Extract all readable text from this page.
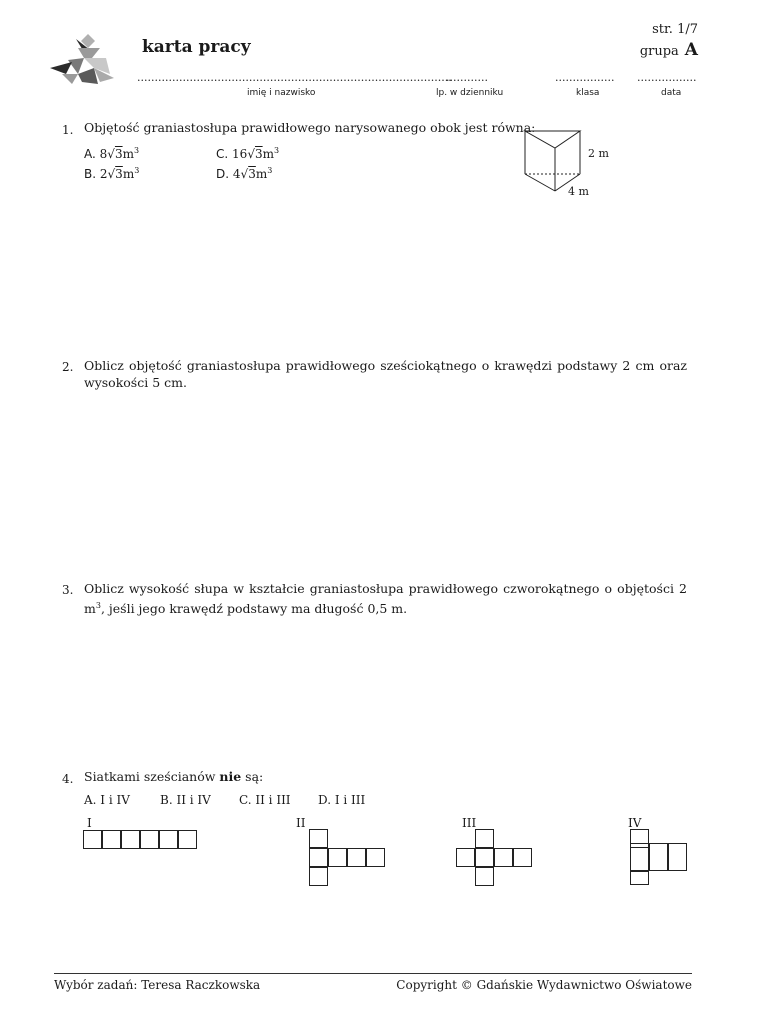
karta pracy
str. 1/7
grupa A
..........................................................................................
............	................. .................
imię i nazwisko	lp. w dzienniku	klasa	data
1. Objętość graniastosłupa prawidłowego narysowanego obok jest równa:
A. $8√3m^3$	C. $16√3m^3$
B. $2√3m^3$	D. $4√3m^3$
2 m
4 m
2. Oblicz objętość graniastosłupa prawidłowego sześciokątnego o krawędzi podstawy 2 cm oraz wysokości 5 cm.
3. Oblicz wysokość słupa w kształcie graniastosłupa prawidłowego czworokątnego o objętości 2 $m^3$, jeśli jego krawędź podstawy ma długość 0,5 m.
4. Siatkami sześcianów nie są:
A. I i IV	B. II i IV C. II i III D. I i III
I	II	III	IV
Wybór zadań: Teresa Raczkowska	Copyright © Gdańskie Wydawnictwo Oświatowe
